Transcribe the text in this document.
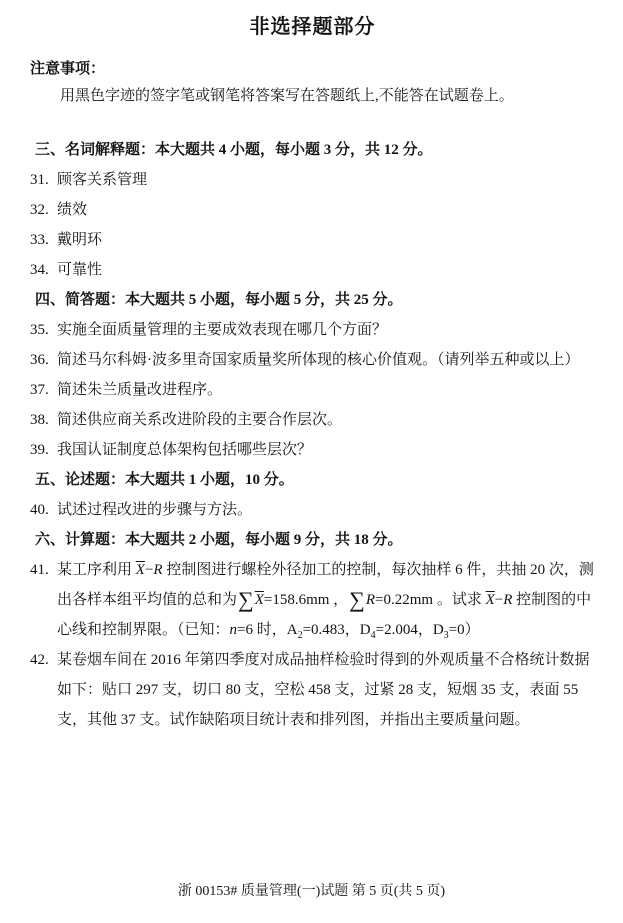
非选择题部分

注意事项：

用黑色字迹的签字笔或钢笔将答案写在答题纸上,不能答在试题卷上。

三、名词解释题：本大题共 4 小题，每小题 3 分，共 12 分。

31. 顾客关系管理

32. 绩效

33. 戴明环

34. 可靠性

四、简答题：本大题共 5 小题，每小题 5 分，共 25 分。

35. 实施全面质量管理的主要成效表现在哪几个方面？

36. 简述马尔科姆·波多里奇国家质量奖所体现的核心价值观。（请列举五种或以上）

37. 简述朱兰质量改进程序。

38. 简述供应商关系改进阶段的主要合作层次。

39. 我国认证制度总体架构包括哪些层次？

五、论述题：本大题共 1 小题，10 分。

40. 试述过程改进的步骤与方法。

六、计算题：本大题共 2 小题，每小题 9 分，共 18 分。

41. 某工序利用 $\overline{X}-R$ 控制图进行螺栓外径加工的控制，每次抽样 6 件，共抽 20 次，测出各样本组平均值的总和为$\sum\overline{X}=158.6mm$ ，∑R=0.22mm 。试求 $\overline{X}-R$ 控制图的中心线和控制界限。（已知：n=6 时，$A_2=0.483$，$D_4=2.004$，$D_3=0$）

42. 某卷烟车间在 2016 年第四季度对成品抽样检验时得到的外观质量不合格统计数据如下：贴口 297 支，切口 80 支，空松 458 支，过紧 28 支，短烟 35 支，表面 55 支，其他 37 支。试作缺陷项目统计表和排列图，并指出主要质量问题。

浙 00153# 质量管理(一)试题 第 5 页(共 5 页)
